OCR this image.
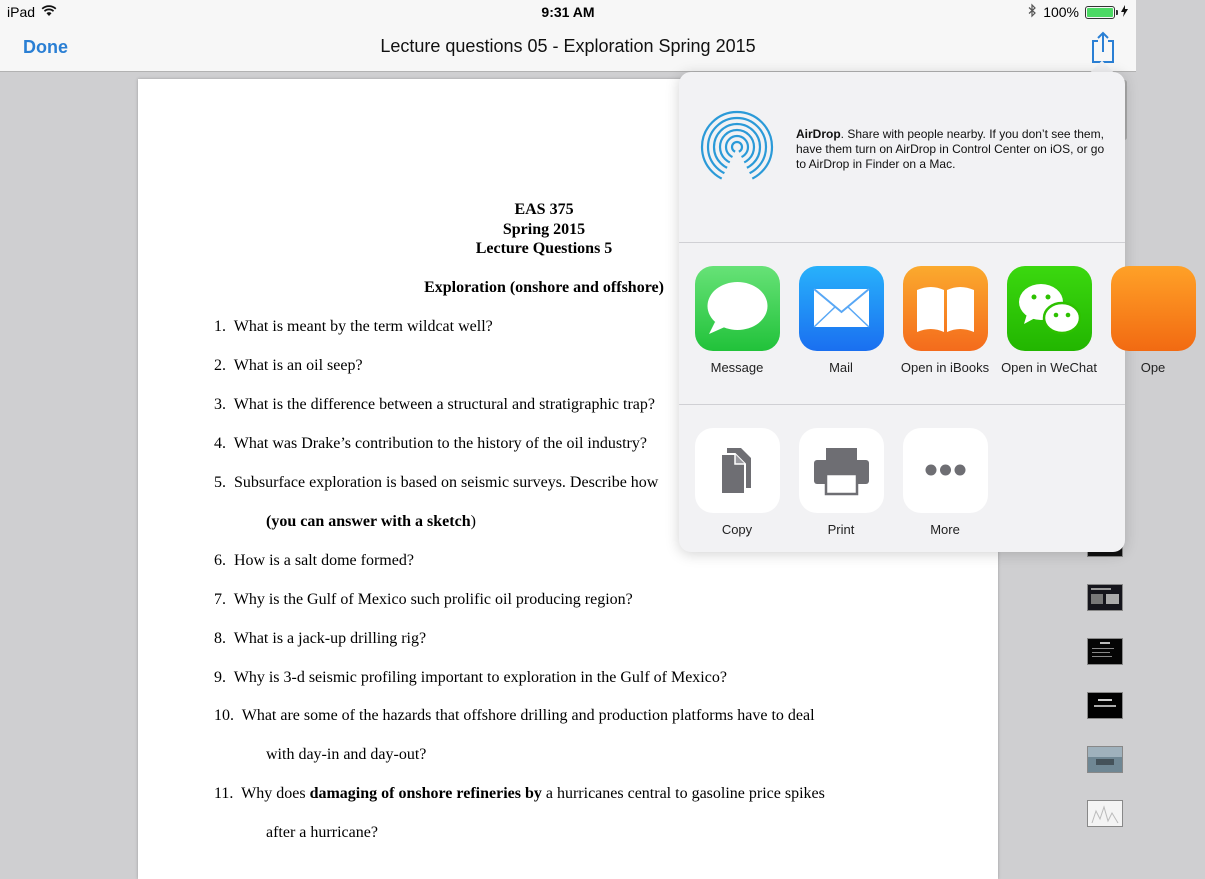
iPad	9:31 AM	100%
Done	Lecture questions 05 - Exploration Spring 2015
EAS 375
Spring 2015
Lecture Questions 5
Exploration (onshore and offshore)
1. What is meant by the term wildcat well?
2. What is an oil seep?
3. What is the difference between a structural and stratigraphic trap?
4. What was Drake’s contribution to the history of the oil industry?
5. Subsurface exploration is based on seismic surveys. Describe how
(you can answer with a sketch)
6. How is a salt dome formed?
7. Why is the Gulf of Mexico such prolific oil producing region?
8. What is a jack-up drilling rig?
9. Why is 3-d seismic profiling important to exploration in the Gulf of Mexico?
10. What are some of the hazards that offshore drilling and production platforms have to deal
with day-in and day-out?
11. Why does damaging of onshore refineries by a hurricanes central to gasoline price spikes
after a hurricane?
AirDrop. Share with people nearby. If you don’t see them, have them turn on AirDrop in Control Center on iOS, or go to AirDrop in Finder on a Mac.
Message	Mail	Open in iBooks Open in WeChat	Ope
Copy	Print	More
